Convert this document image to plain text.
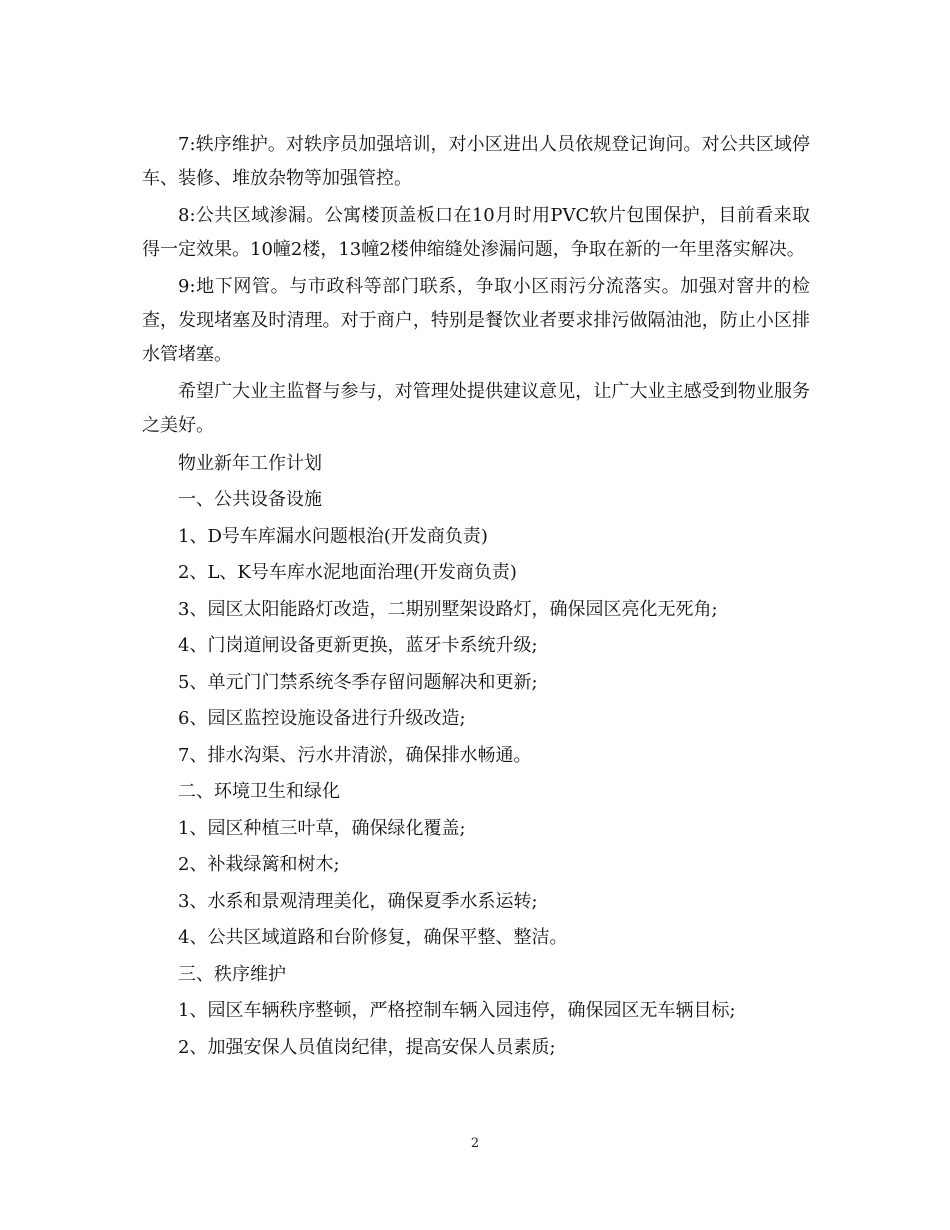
7:轶序维护。对轶序员加强培训，对小区进出人员依规登记询问。对公共区域停车、装修、堆放杂物等加强管控。

8:公共区域渗漏。公寓楼顶盖板口在10月时用PVC软片包围保护，目前看来取得一定效果。10幢2楼，13幢2楼伸缩缝处渗漏问题，争取在新的一年里落实解决。

9:地下网管。与市政科等部门联系，争取小区雨污分流落实。加强对窨井的检查，发现堵塞及时清理。对于商户，特别是餐饮业者要求排污做隔油池，防止小区排水管堵塞。

希望广大业主监督与参与，对管理处提供建议意见，让广大业主感受到物业服务之美好。

物业新年工作计划

一、公共设备设施

1、D号车库漏水问题根治(开发商负责)

2、L、K号车库水泥地面治理(开发商负责)

3、园区太阳能路灯改造，二期别墅架设路灯，确保园区亮化无死角;

4、门岗道闸设备更新更换，蓝牙卡系统升级;

5、单元门门禁系统冬季存留问题解决和更新;

6、园区监控设施设备进行升级改造;

7、排水沟渠、污水井清淤，确保排水畅通。

二、环境卫生和绿化

1、园区种植三叶草，确保绿化覆盖;

2、补栽绿篱和树木;

3、水系和景观清理美化，确保夏季水系运转;

4、公共区域道路和台阶修复，确保平整、整洁。

三、秩序维护

1、园区车辆秩序整顿，严格控制车辆入园违停，确保园区无车辆目标;

2、加强安保人员值岗纪律，提高安保人员素质;

2
